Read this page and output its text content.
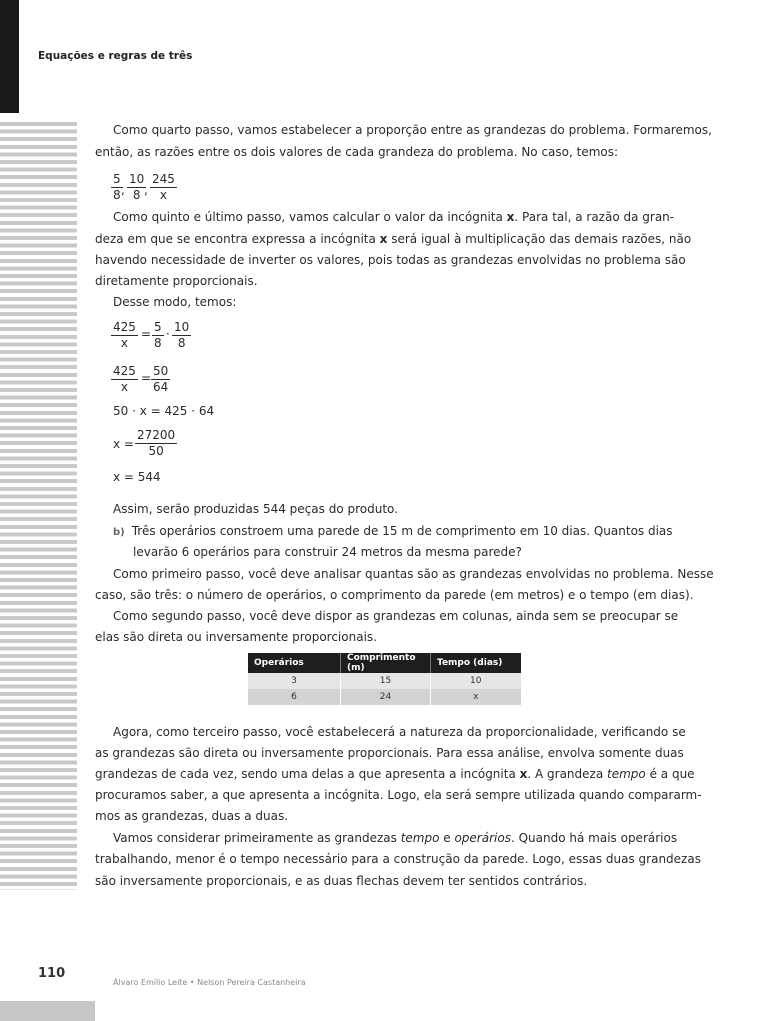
Equações e regras de três
Como quarto passo, vamos estabelecer a proporção entre as grandezas do problema. Formaremos,
então, as razões entre os dois valores de cada grandeza do problema. No caso, temos:
$\frac{5}{8}$ , $\frac{10}{8}$
, $\frac{245}{x}$
Como quinto e último passo, vamos calcular o valor da incógnita x. Para tal, a razão da gran-
deza em que se encontra expressa a incógnita x será igual à multiplicação das demais razões, não
havendo necessidade de inverter os valores, pois todas as grandezas envolvidas no problema são
diretamente proporcionais.
Desse modo, temos:
$\frac{425}{x} = \frac{5}{8} \cdot \frac{10}{8}$
$\frac{425}{x} = \frac{50}{64}$
50 · x = 425 · 64
$x = \frac{27200}{50}$
x = 544
Assim, serão produzidas 544 peças do produto.
b) Três operários constroem uma parede de 15 m de comprimento em 10 dias. Quantos dias
levarão 6 operários para construir 24 metros da mesma parede?
Como primeiro passo, você deve analisar quantas são as grandezas envolvidas no problema. Nesse
caso, são três: o número de operários, o comprimento da parede (em metros) e o tempo (em dias).
Como segundo passo, você deve dispor as grandezas em colunas, ainda sem se preocupar se
elas são direta ou inversamente proporcionais.
Operários	Comprimento (m)	Tempo (dias)
3	15	10
6	24	x
Agora, como terceiro passo, você estabelecerá a natureza da proporcionalidade, verificando se
as grandezas são direta ou inversamente proporcionais. Para essa análise, envolva somente duas
grandezas de cada vez, sendo uma delas a que apresenta a incógnita x. A grandeza tempo é a que
procuramos saber, a que apresenta a incógnita. Logo, ela será sempre utilizada quando compararm-
mos as grandezas, duas a duas.
Vamos considerar primeiramente as grandezas tempo e operários. Quando há mais operários
trabalhando, menor é o tempo necessário para a construção da parede. Logo, essas duas grandezas
são inversamente proporcionais, e as duas flechas devem ter sentidos contrários.
110
Álvaro Emílio Leite • Nelson Pereira Castanheira
